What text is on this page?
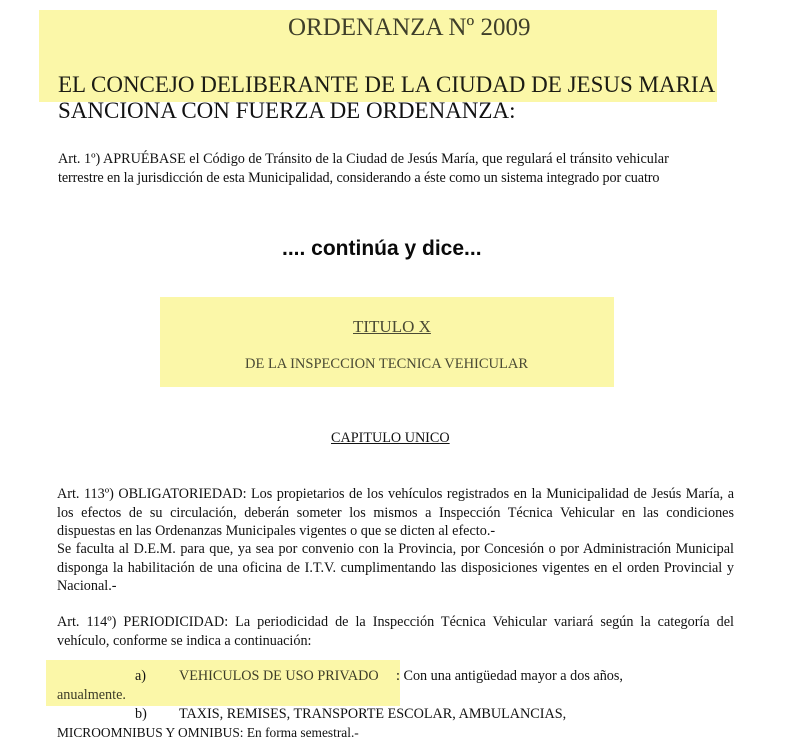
ORDENANZA Nº 2009
EL CONCEJO DELIBERANTE DE LA CIUDAD DE JESUS MARIA
SANCIONA CON FUERZA DE ORDENANZA:
Art. 1º) APRUÉBASE el Código de Tránsito de la Ciudad de Jesús María, que regulará el tránsito vehicular
terrestre en la jurisdicción de esta Municipalidad, considerando a éste como un sistema integrado por cuatro
.... continúa y dice...
TITULO X
DE LA INSPECCION TECNICA VEHICULAR
CAPITULO UNICO
Art. 113º) OBLIGATORIEDAD: Los propietarios de los vehículos registrados en la Municipalidad de Jesús María, a los efectos de su circulación, deberán someter los mismos a Inspección Técnica Vehicular en las condiciones dispuestas en las Ordenanzas Municipales vigentes o que se dicten al efecto.-
Se faculta al D.E.M. para que, ya sea por convenio con la Provincia, por Concesión o por Administración Municipal disponga la habilitación de una oficina de I.T.V. cumplimentando las disposiciones vigentes en el orden Provincial y Nacional.-
Art. 114º) PERIODICIDAD: La periodicidad de la Inspección Técnica Vehicular variará según la categoría del vehículo, conforme se indica a continuación:
a) VEHICULOS DE USO PRIVADO : Con una antigüedad mayor a dos años,
anualmente.
b) TAXIS, REMISES, TRANSPORTE ESCOLAR, AMBULANCIAS,
MICROOMNIBUS Y OMNIBUS: En forma semestral.-
